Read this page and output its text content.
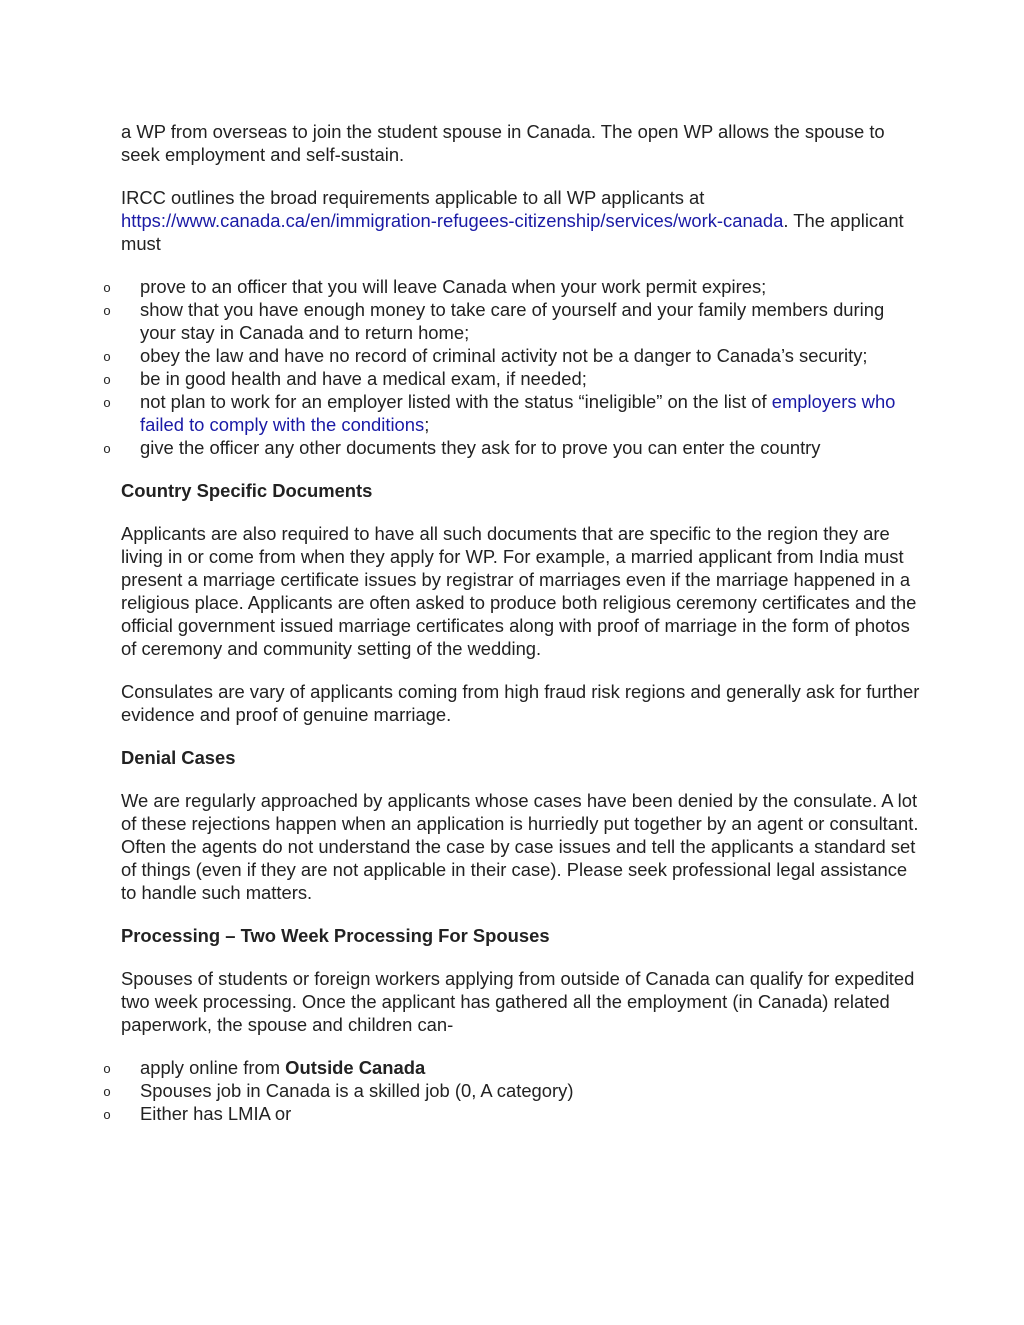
a WP from overseas to join the student spouse in Canada. The open WP allows the spouse to seek employment and self-sustain.

IRCC outlines the broad requirements applicable to all WP applicants at https://www.canada.ca/en/immigration-refugees-citizenship/services/work-canada. The applicant must

o prove to an officer that you will leave Canada when your work permit expires;
o show that you have enough money to take care of yourself and your family members during your stay in Canada and to return home;
o obey the law and have no record of criminal activity not be a danger to Canada’s security;
o be in good health and have a medical exam, if needed;
o not plan to work for an employer listed with the status “ineligible” on the list of employers who failed to comply with the conditions;
o give the officer any other documents they ask for to prove you can enter the country

Country Specific Documents

Applicants are also required to have all such documents that are specific to the region they are living in or come from when they apply for WP. For example, a married applicant from India must present a marriage certificate issues by registrar of marriages even if the marriage happened in a religious place. Applicants are often asked to produce both religious ceremony certificates and the official government issued marriage certificates along with proof of marriage in the form of photos of ceremony and community setting of the wedding.

Consulates are vary of applicants coming from high fraud risk regions and generally ask for further evidence and proof of genuine marriage.

Denial Cases

We are regularly approached by applicants whose cases have been denied by the consulate. A lot of these rejections happen when an application is hurriedly put together by an agent or consultant. Often the agents do not understand the case by case issues and tell the applicants a standard set of things (even if they are not applicable in their case). Please seek professional legal assistance to handle such matters.

Processing – Two Week Processing For Spouses

Spouses of students or foreign workers applying from outside of Canada can qualify for expedited two week processing. Once the applicant has gathered all the employment (in Canada) related paperwork, the spouse and children can-

o apply online from Outside Canada
o Spouses job in Canada is a skilled job (0, A category)
o Either has LMIA or
